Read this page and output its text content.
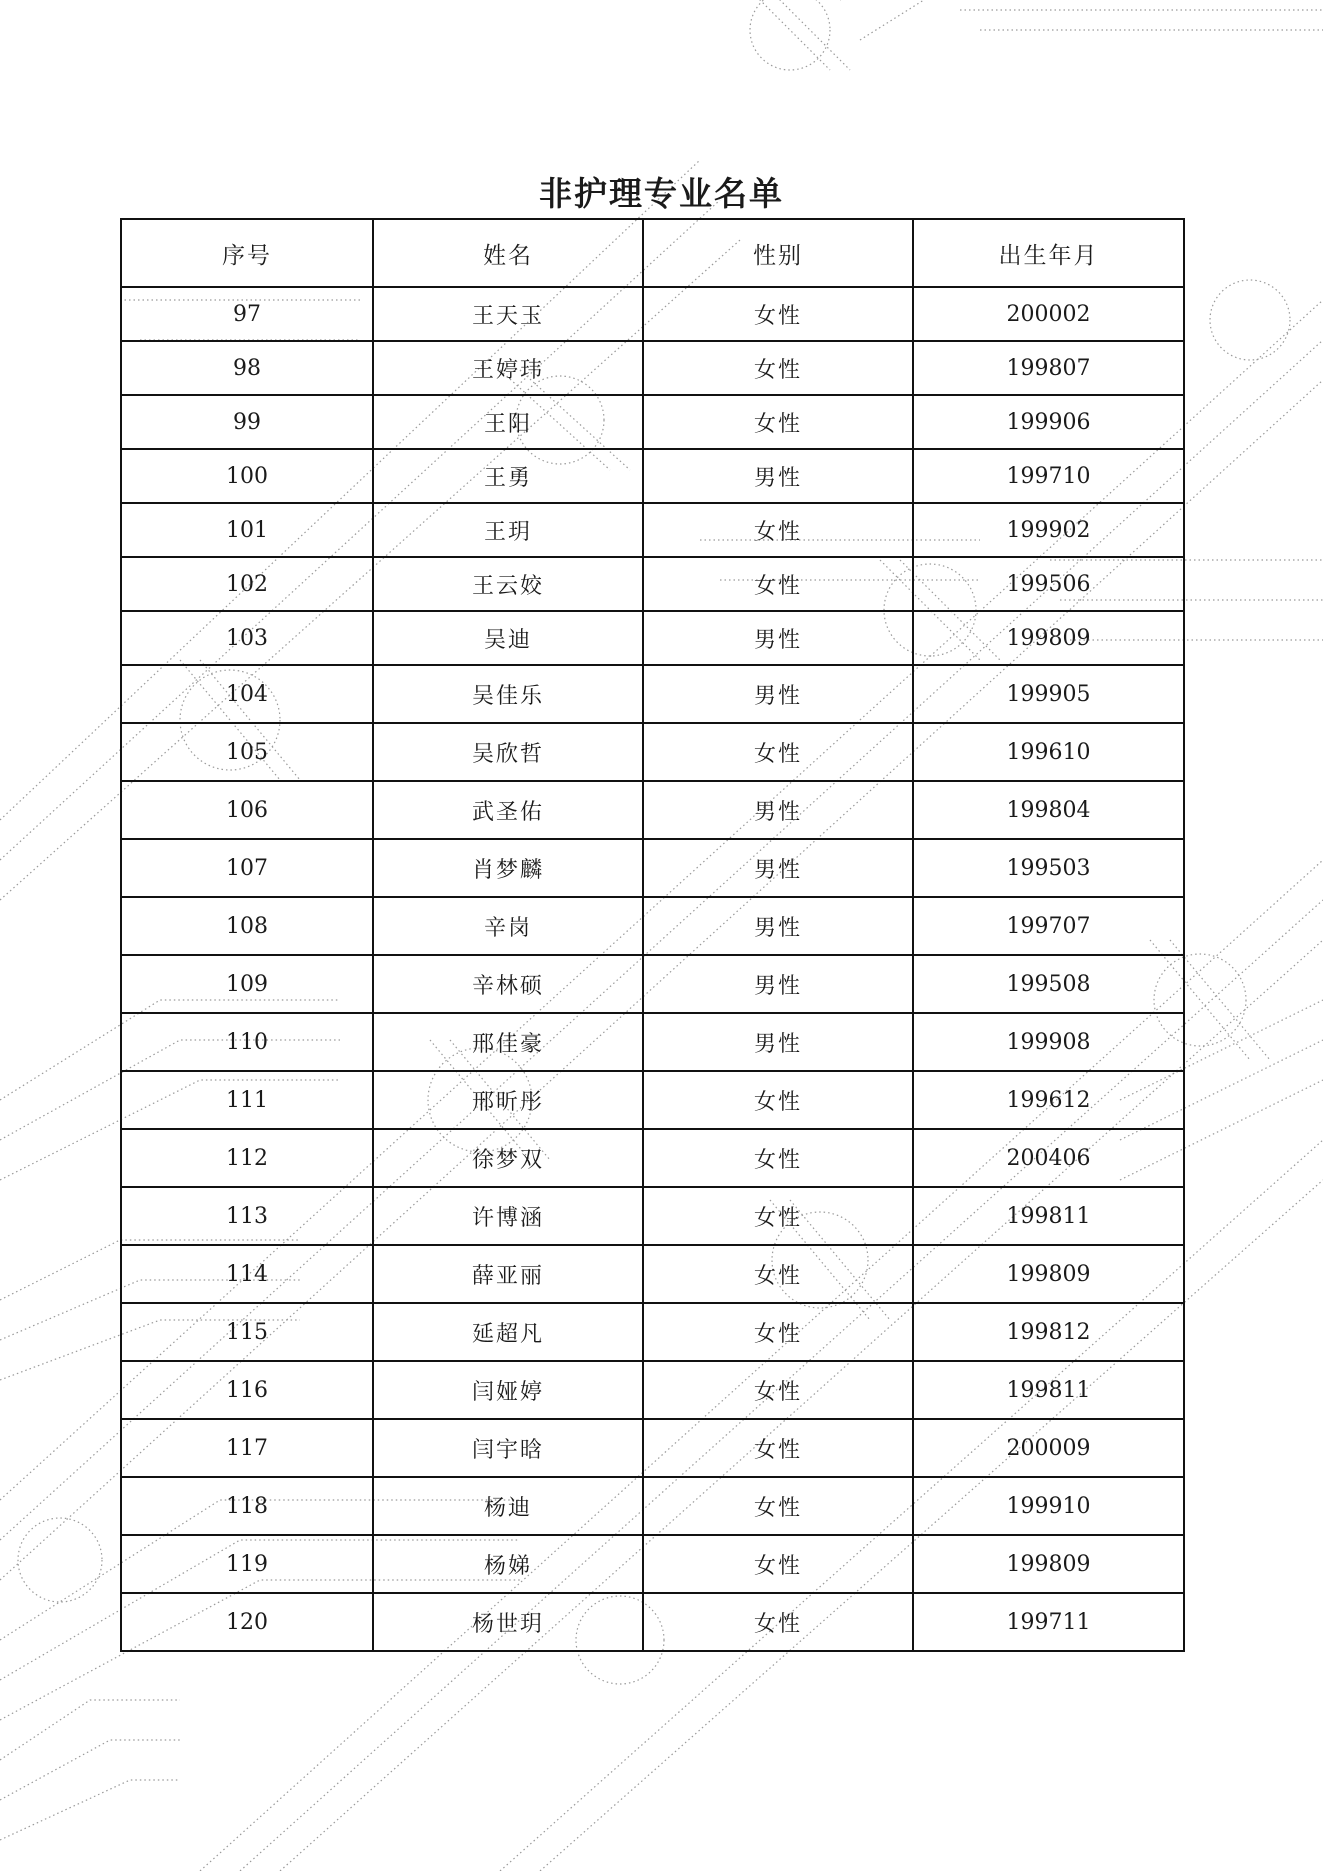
非护理专业名单
序号	姓名	性别	出生年月
97	王天玉	女性	200002
98	王婷玮	女性	199807
99	王阳	女性	199906
100	王勇	男性	199710
101	王玥	女性	199902
102	王云姣	女性	199506
103	吴迪	男性	199809
104	吴佳乐	男性	199905
105	吴欣哲	女性	199610
106	武圣佑	男性	199804
107	肖梦麟	男性	199503
108	辛岗	男性	199707
109	辛林硕	男性	199508
110	邢佳豪	男性	199908
111	邢昕彤	女性	199612
112	徐梦双	女性	200406
113	许博涵	女性	199811
114	薛亚丽	女性	199809
115	延超凡	女性	199812
116	闫娅婷	女性	199811
117	闫宇晗	女性	200009
118	杨迪	女性	199910
119	杨娣	女性	199809
120	杨世玥	女性	199711
